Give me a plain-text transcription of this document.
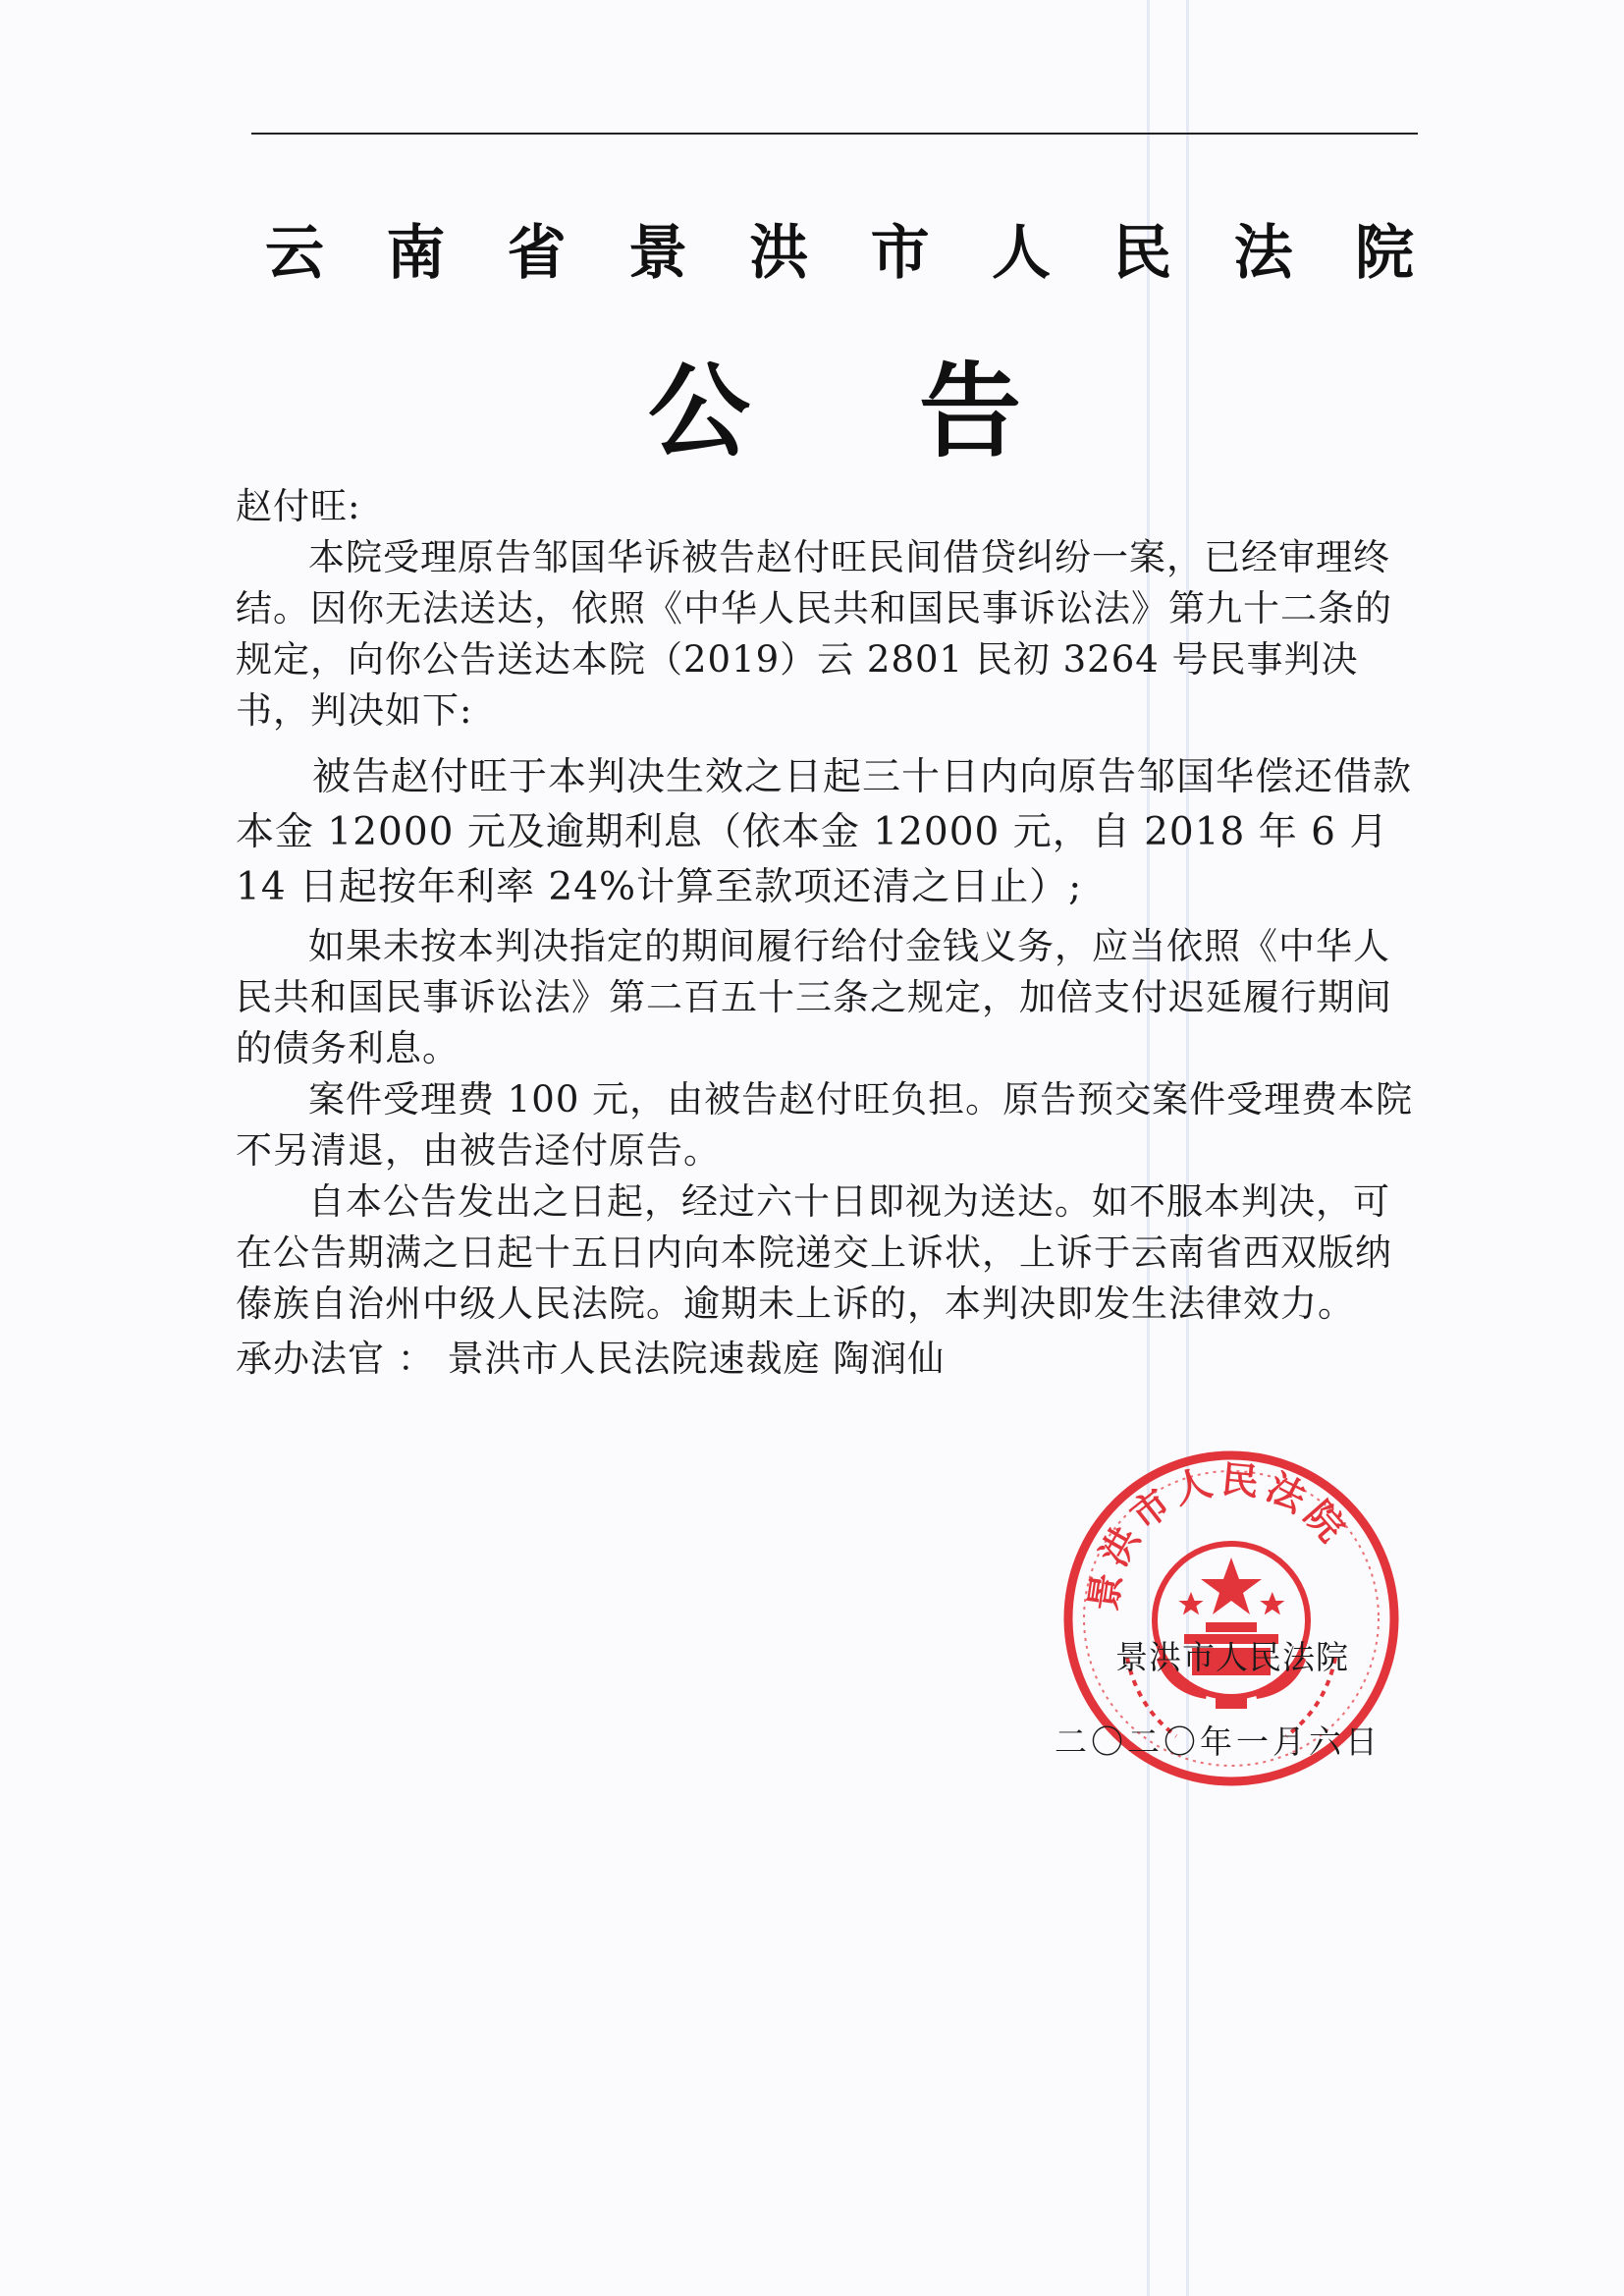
云 南 省 景 洪 市 人 民 法 院
公 告

赵付旺:

本院受理原告邹国华诉被告赵付旺民间借贷纠纷一案，已经审理终结。因你无法送达，依照《中华人民共和国民事诉讼法》第九十二条的规定，向你公告送达本院（2019）云 2801 民初 3264 号民事判决书，判决如下:

被告赵付旺于本判决生效之日起三十日内向原告邹国华偿还借款本金 12000 元及逾期利息（依本金 12000 元，自 2018 年 6 月 14 日起按年利率 24%计算至款项还清之日止）;

如果未按本判决指定的期间履行给付金钱义务，应当依照《中华人民共和国民事诉讼法》第二百五十三条之规定，加倍支付迟延履行期间的债务利息。

案件受理费 100 元，由被告赵付旺负担。原告预交案件受理费本院不另清退，由被告迳付原告。

自本公告发出之日起，经过六十日即视为送达。如不服本判决，可在公告期满之日起十五日内向本院递交上诉状，上诉于云南省西双版纳傣族自治州中级人民法院。逾期未上诉的，本判决即发生法律效力。

承办法官 ： 景洪市人民法院速裁庭 陶润仙

景洪市人民法院
景洪市人民法院
二〇二〇年一月六日
